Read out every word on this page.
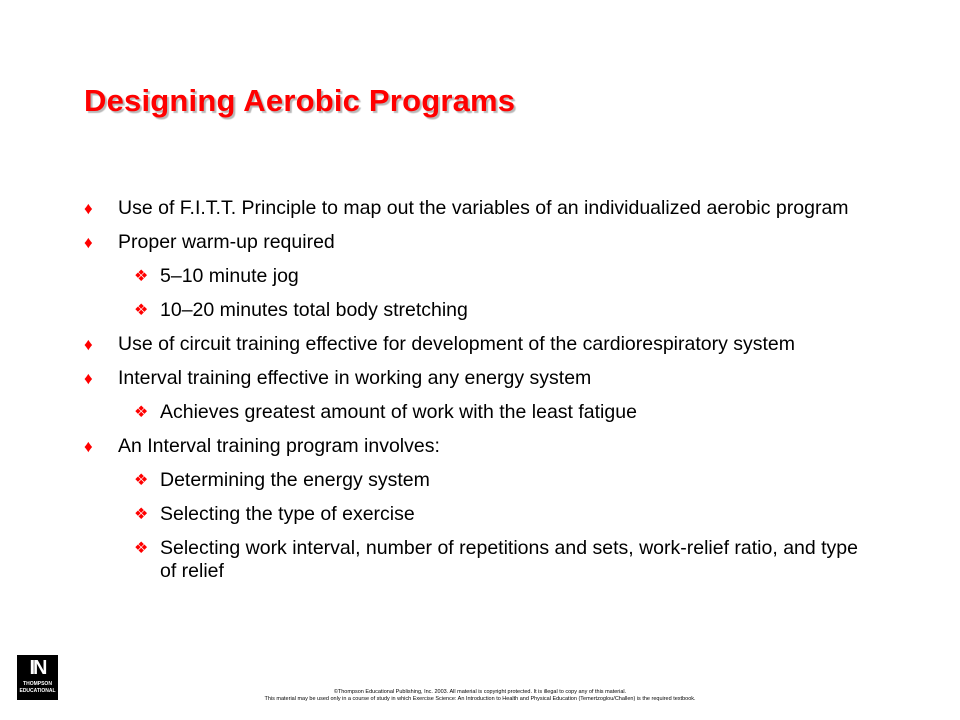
Designing Aerobic Programs
♦ Use of F.I.T.T. Principle to map out the variables of an individualized aerobic program
♦ Proper warm-up required
❖ 5–10 minute jog
❖ 10–20 minutes total body stretching
♦ Use of circuit training effective for development of the cardiorespiratory system
♦ Interval training effective in working any energy system
❖ Achieves greatest amount of work with the least fatigue
♦ An Interval training program involves:
❖ Determining the energy system
❖ Selecting the type of exercise
❖ Selecting work interval, number of repetitions and sets, work-relief ratio, and type of relief
IN
THOMPSON
EDUCATIONAL	©Thompson Educational Publishing, Inc. 2003. All material is copyright protected. It is illegal to copy any of this material.
This material may be used only in a course of study in which Exercise Science: An Introduction to Health and Physical Education (Temertzoglou/Challen) is the required textbook.
